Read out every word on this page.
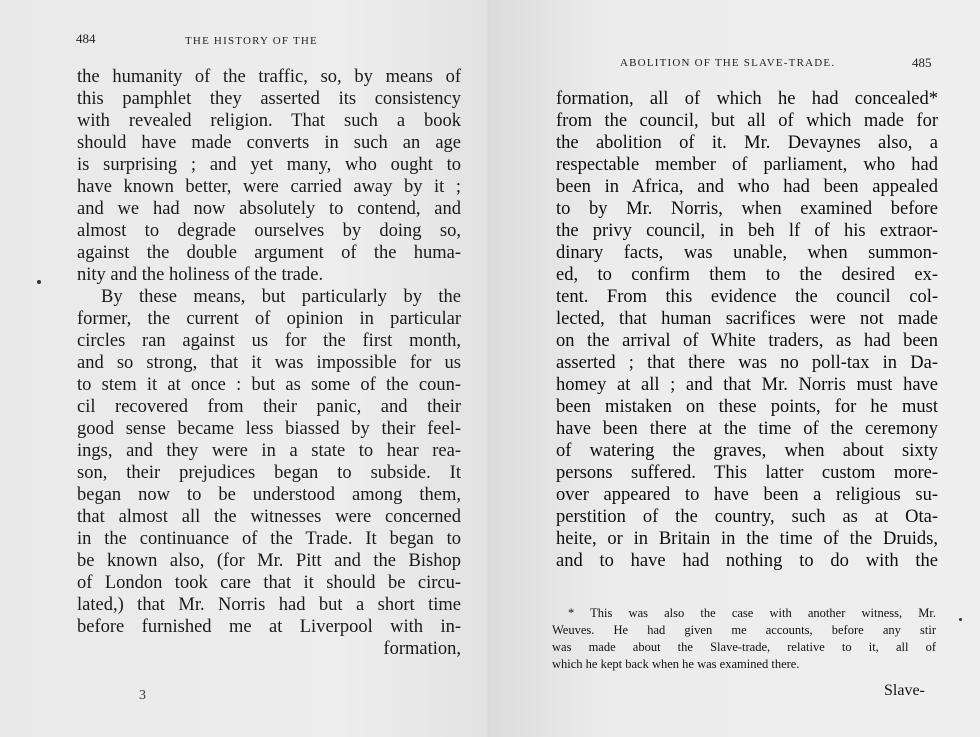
484	THE HISTORY OF THE
the humanity of the traffic, so, by means of
this pamphlet they asserted its consistency
with revealed religion. That such a book
should have made converts in such an age
is surprising ; and yet many, who ought to
have known better, were carried away by it ;
and we had now absolutely to contend, and
almost to degrade ourselves by doing so,
against the double argument of the huma-
nity and the holiness of the trade.
By these means, but particularly by the
former, the current of opinion in particular
circles ran against us for the first month,
and so strong, that it was impossible for us
to stem it at once : but as some of the coun-
cil recovered from their panic, and their
good sense became less biassed by their feel-
ings, and they were in a state to hear rea-
son, their prejudices began to subside. It
began now to be understood among them,
that almost all the witnesses were concerned
in the continuance of the Trade. It began to
be known also, (for Mr. Pitt and the Bishop
of London took care that it should be circu-
lated,) that Mr. Norris had but a short time
before furnished me at Liverpool with in-
formation,
3
ABOLITION OF THE SLAVE-TRADE.	485
formation, all of which he had concealed*
from the council, but all of which made for
the abolition of it. Mr. Devaynes also, a
respectable member of parliament, who had
been in Africa, and who had been appealed
to by Mr. Norris, when examined before
the privy council, in beh lf of his extraor-
dinary facts, was unable, when summon-
ed, to confirm them to the desired ex-
tent. From this evidence the council col-
lected, that human sacrifices were not made
on the arrival of White traders, as had been
asserted ; that there was no poll-tax in Da-
homey at all ; and that Mr. Norris must have
been mistaken on these points, for he must
have been there at the time of the ceremony
of watering the graves, when about sixty
persons suffered. This latter custom more-
over appeared to have been a religious su-
perstition of the country, such as at Ota-
heite, or in Britain in the time of the Druids,
and to have had nothing to do with the
* This was also the case with another witness, Mr.
Weuves. He had given me accounts, before any stir
was made about the Slave-trade, relative to it, all of
which he kept back when he was examined there.
Slave-
